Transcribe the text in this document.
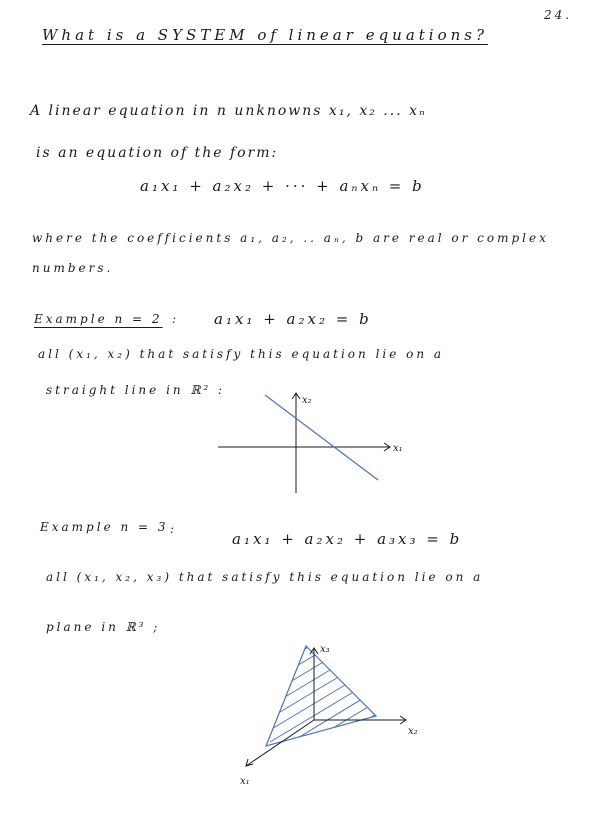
24.
What is a SYSTEM of linear equations?
A linear equation in n unknowns x₁, x₂ ... xₙ
is an equation of the form:
a₁x₁ + a₂x₂ + ··· + aₙxₙ = b
where the coefficients a₁, a₂, .. aₙ, b are real or complex
numbers.
Example n = 2 : a₁x₁ + a₂x₂ = b
all (x₁, x₂) that satisfy this equation lie on a
straight line in ℝ² :
x₂
x₁
Example n = 3 :
a₁x₁ + a₂x₂ + a₃x₃ = b
all (x₁, x₂, x₃) that satisfy this equation lie on a
plane in ℝ³ ;
x₃
x₂
x₁
